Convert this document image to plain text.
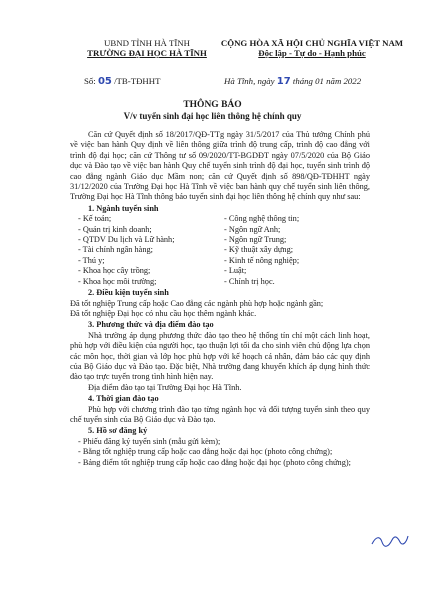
UBND TỈNH HÀ TĨNH
TRƯỜNG ĐẠI HỌC HÀ TĨNH
CỘNG HÒA XÃ HỘI CHỦ NGHĨA VIỆT NAM
Độc lập - Tự do - Hạnh phúc
Số: 05 /TB-TĐHHT	Hà Tĩnh, ngày 17 tháng 01 năm 2022
THÔNG BÁO
V/v tuyển sinh đại học liên thông hệ chính quy

Căn cứ Quyết định số 18/2017/QĐ-TTg ngày 31/5/2017 của Thủ tướng Chính phủ về việc ban hành Quy định về liên thông giữa trình độ trung cấp, trình độ cao đẳng với trình độ đại học; căn cứ Thông tư số 09/2020/TT-BGDĐT ngày 07/5/2020 của Bộ Giáo dục và Đào tạo về việc ban hành Quy chế tuyển sinh trình độ đại học, tuyển sinh trình độ cao đẳng ngành Giáo dục Mầm non; căn cứ Quyết định số 898/QĐ-TĐHHT ngày 31/12/2020 của Trường Đại học Hà Tĩnh về việc ban hành quy chế tuyển sinh liên thông, Trường Đại học Hà Tĩnh thông báo tuyển sinh đại học liên thông hệ chính quy như sau:

1. Ngành tuyển sinh
- Kế toán;
- Quản trị kinh doanh;
- QTDV Du lịch và Lữ hành;
- Tài chính ngân hàng;
- Thú y;
- Khoa học cây trồng;
- Khoa học môi trường;
- Công nghệ thông tin;
- Ngôn ngữ Anh;
- Ngôn ngữ Trung;
- Kỹ thuật xây dựng;
- Kinh tế nông nghiệp;
- Luật;
- Chính trị học.
2. Điều kiện tuyển sinh
Đã tốt nghiệp Trung cấp hoặc Cao đẳng các ngành phù hợp hoặc ngành gần;
Đã tốt nghiệp Đại học có nhu cầu học thêm ngành khác.
3. Phương thức và địa điểm đào tạo

Nhà trường áp dụng phương thức đào tạo theo hệ thống tín chỉ một cách linh hoạt, phù hợp với điều kiện của người học, tạo thuận lợi tối đa cho sinh viên chủ động lựa chọn các môn học, thời gian và lớp học phù hợp với kế hoạch cá nhân, đảm bảo các quy định của Bộ Giáo dục và Đào tạo. Đặc biệt, Nhà trường đang khuyến khích áp dụng hình thức đào tạo trực tuyến trong tình hình hiện nay.

Địa điểm đào tạo tại Trường Đại học Hà Tĩnh.

4. Thời gian đào tạo

Phù hợp với chương trình đào tạo từng ngành học và đối tượng tuyển sinh theo quy chế tuyển sinh của Bộ Giáo dục và Đào tạo.

5. Hồ sơ đăng ký
- Phiếu đăng ký tuyển sinh (mẫu gửi kèm);
- Bằng tốt nghiệp trung cấp hoặc cao đẳng hoặc đại học (photo công chứng);
- Bảng điểm tốt nghiệp trung cấp hoặc cao đẳng hoặc đại học (photo công chứng);
